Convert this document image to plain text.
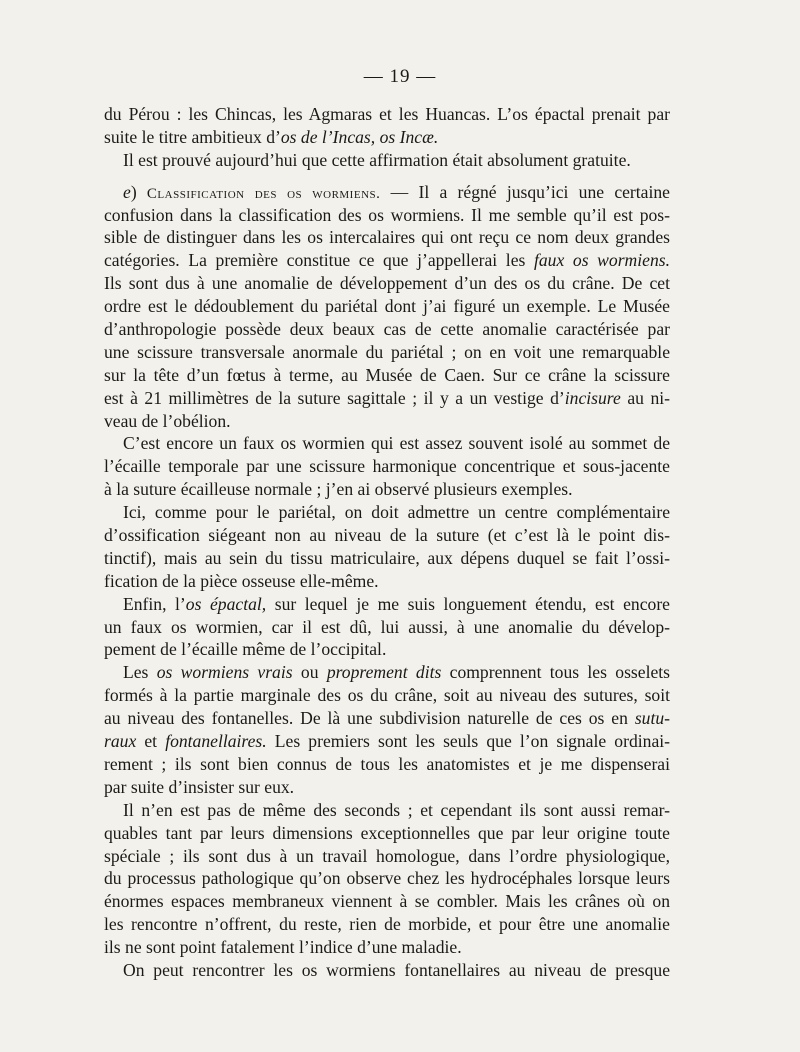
— 19 —
du Pérou : les Chincas, les Agmaras et les Huancas. L’os épactal prenait par
suite le titre ambitieux d’os de l’Incas, os Incæ.
Il est prouvé aujourd’hui que cette affirmation était absolument gratuite.
e) Classification des os wormiens. — Il a régné jusqu’ici une certaine
confusion dans la classification des os wormiens. Il me semble qu’il est pos-
sible de distinguer dans les os intercalaires qui ont reçu ce nom deux grandes
catégories. La première constitue ce que j’appellerai les faux os wormiens.
Ils sont dus à une anomalie de développement d’un des os du crâne. De cet
ordre est le dédoublement du pariétal dont j’ai figuré un exemple. Le Musée
d’anthropologie possède deux beaux cas de cette anomalie caractérisée par
une scissure transversale anormale du pariétal ; on en voit une remarquable
sur la tête d’un fœtus à terme, au Musée de Caen. Sur ce crâne la scissure
est à 21 millimètres de la suture sagittale ; il y a un vestige d’incisure au ni-
veau de l’obélion.
C’est encore un faux os wormien qui est assez souvent isolé au sommet de
l’écaille temporale par une scissure harmonique concentrique et sous-jacente
à la suture écailleuse normale ; j’en ai observé plusieurs exemples.
Ici, comme pour le pariétal, on doit admettre un centre complémentaire
d’ossification siégeant non au niveau de la suture (et c’est là le point dis-
tinctif), mais au sein du tissu matriculaire, aux dépens duquel se fait l’ossi-
fication de la pièce osseuse elle-même.
Enfin, l’os épactal, sur lequel je me suis longuement étendu, est encore
un faux os wormien, car il est dû, lui aussi, à une anomalie du dévelop-
pement de l’écaille même de l’occipital.
Les os wormiens vrais ou proprement dits comprennent tous les osselets
formés à la partie marginale des os du crâne, soit au niveau des sutures, soit
au niveau des fontanelles. De là une subdivision naturelle de ces os en sutu-
raux et fontanellaires. Les premiers sont les seuls que l’on signale ordinai-
rement ; ils sont bien connus de tous les anatomistes et je me dispenserai
par suite d’insister sur eux.
Il n’en est pas de même des seconds ; et cependant ils sont aussi remar-
quables tant par leurs dimensions exceptionnelles que par leur origine toute
spéciale ; ils sont dus à un travail homologue, dans l’ordre physiologique,
du processus pathologique qu’on observe chez les hydrocéphales lorsque leurs
énormes espaces membraneux viennent à se combler. Mais les crânes où on
les rencontre n’offrent, du reste, rien de morbide, et pour être une anomalie
ils ne sont point fatalement l’indice d’une maladie.
On peut rencontrer les os wormiens fontanellaires au niveau de presque
